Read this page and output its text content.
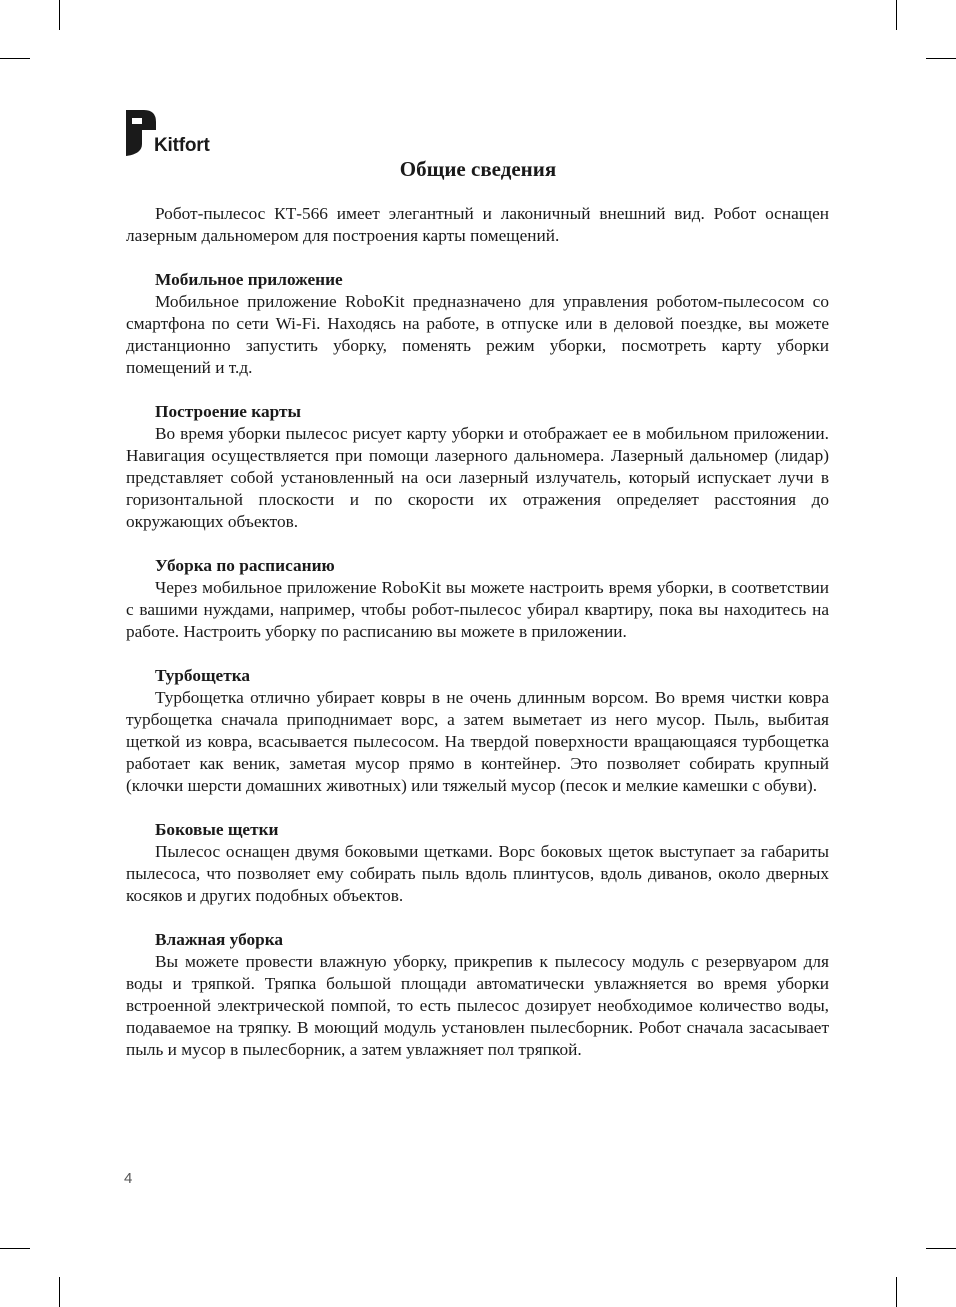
Kitfort
Общие сведения

Робот-пылесос КТ-566 имеет элегантный и лаконичный внешний вид. Робот оснащен лазерным дальномером для построения карты помещений.

Мобильное приложение

Мобильное приложение RoboKit предназначено для управления роботом-пылесосом со смартфона по сети Wi-Fi. Находясь на работе, в отпуске или в деловой поездке, вы можете дистанционно запустить уборку, поменять режим уборки, посмотреть карту уборки помещений и т.д.

Построение карты

Во время уборки пылесос рисует карту уборки и отображает ее в мобильном приложении. Навигация осуществляется при помощи лазерного дальномера. Лазерный дальномер (лидар) представляет собой установленный на оси лазерный излучатель, который испускает лучи в горизонтальной плоскости и по скорости их отражения определяет расстояния до окружающих объектов.

Уборка по расписанию

Через мобильное приложение RoboKit вы можете настроить время уборки, в соответствии с вашими нуждами, например, чтобы робот-пылесос убирал квартиру, пока вы находитесь на работе. Настроить уборку по расписанию вы можете в приложении.

Турбощетка

Турбощетка отлично убирает ковры в не очень длинным ворсом. Во время чистки ковра турбощетка сначала приподнимает ворс, а затем выметает из него мусор. Пыль, выбитая щеткой из ковра, всасывается пылесосом. На твердой поверхности вращающаяся турбощетка работает как веник, заметая мусор прямо в контейнер. Это позволяет собирать крупный (клочки шерсти домашних животных) или тяжелый мусор (песок и мелкие камешки с обуви).

Боковые щетки

Пылесос оснащен двумя боковыми щетками. Ворс боковых щеток выступает за габариты пылесоса, что позволяет ему собирать пыль вдоль плинтусов, вдоль диванов, около дверных косяков и других подобных объектов.

Влажная уборка

Вы можете провести влажную уборку, прикрепив к пылесосу модуль с резервуаром для воды и тряпкой. Тряпка большой площади автоматически увлажняется во время уборки встроенной электрической помпой, то есть пылесос дозирует необходимое количество воды, подаваемое на тряпку. В моющий модуль установлен пылесборник. Робот сначала засасывает пыль и мусор в пылесборник, а затем увлажняет пол тряпкой.

4
